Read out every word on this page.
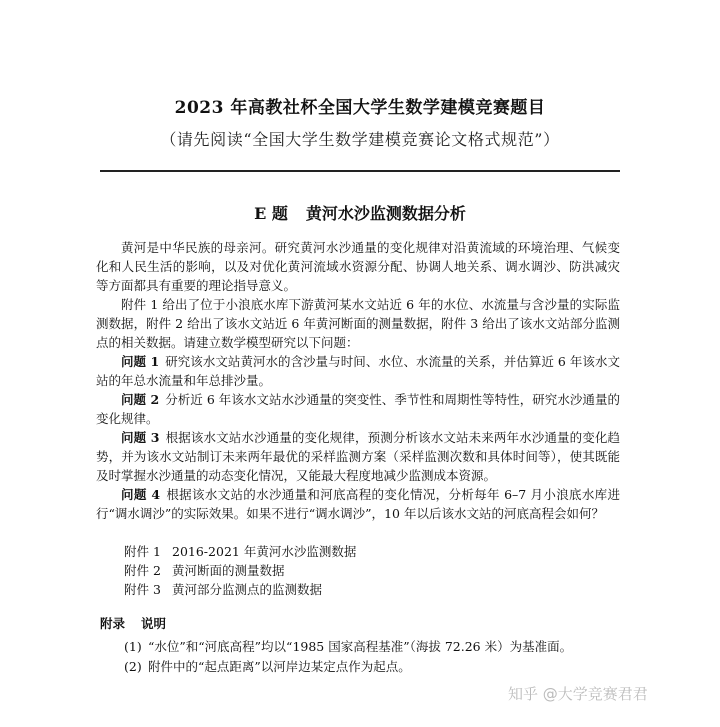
2023 年高教社杯全国大学生数学建模竞赛题目
（请先阅读“全国大学生数学建模竞赛论文格式规范”）
E 题 黄河水沙监测数据分析

黄河是中华民族的母亲河。研究黄河水沙通量的变化规律对沿黄流域的环境治理、气候变化和人民生活的影响，以及对优化黄河流域水资源分配、协调人地关系、调水调沙、防洪减灾等方面都具有重要的理论指导意义。

附件 1 给出了位于小浪底水库下游黄河某水文站近 6 年的水位、水流量与含沙量的实际监测数据，附件 2 给出了该水文站近 6 年黄河断面的测量数据，附件 3 给出了该水文站部分监测点的相关数据。请建立数学模型研究以下问题：

问题 1 研究该水文站黄河水的含沙量与时间、水位、水流量的关系，并估算近 6 年该水文站的年总水流量和年总排沙量。

问题 2 分析近 6 年该水文站水沙通量的突变性、季节性和周期性等特性，研究水沙通量的变化规律。

问题 3 根据该水文站水沙通量的变化规律，预测分析该水文站未来两年水沙通量的变化趋势，并为该水文站制订未来两年最优的采样监测方案（采样监测次数和具体时间等），使其既能及时掌握水沙通量的动态变化情况，又能最大程度地减少监测成本资源。

问题 4 根据该水文站的水沙通量和河底高程的变化情况，分析每年 6–7 月小浪底水库进行“调水调沙”的实际效果。如果不进行“调水调沙”，10 年以后该水文站的河底高程会如何？

附件 1 2016-2021 年黄河水沙监测数据
附件 2 黄河断面的测量数据
附件 3 黄河部分监测点的监测数据
附录 说明
(1) “水位”和“河底高程”均以“1985 国家高程基准”（海拔 72.26 米）为基准面。
(2) 附件中的“起点距离”以河岸边某定点作为起点。
知乎 @大学竞赛君君
